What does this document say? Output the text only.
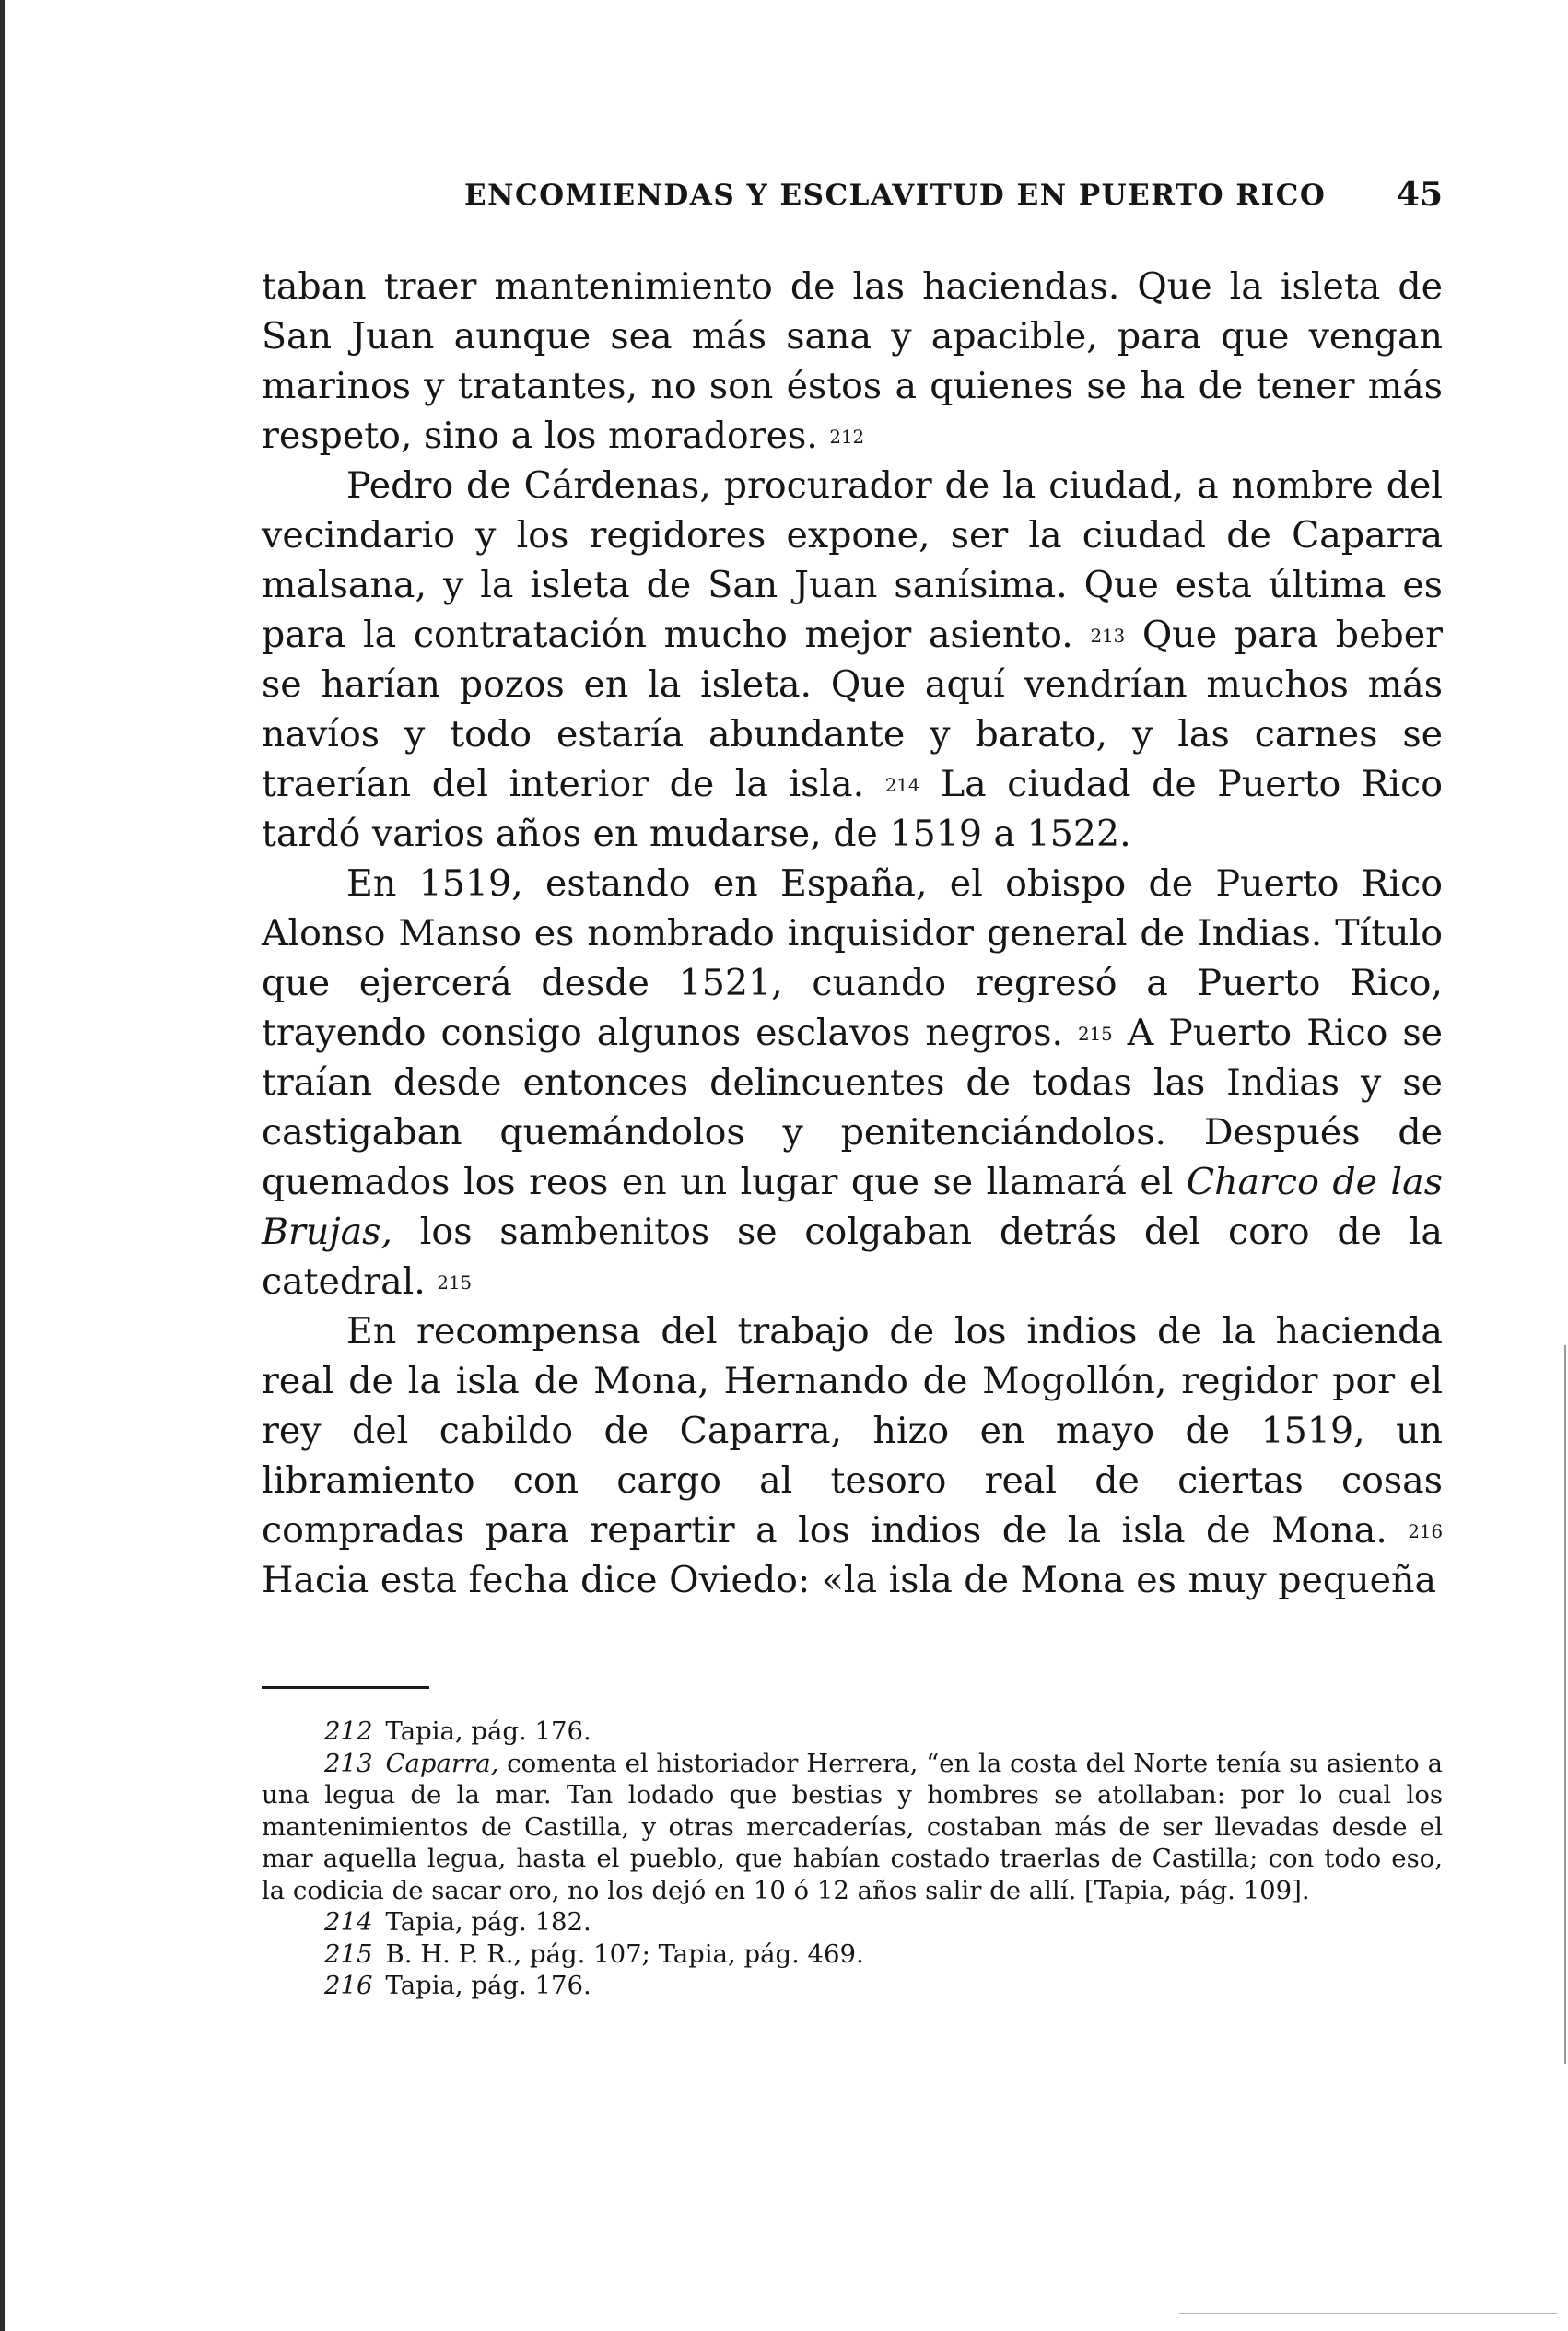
ENCOMIENDAS Y ESCLAVITUD EN PUERTO RICO 45

taban traer mantenimiento de las haciendas. Que la isleta de San Juan aunque sea más sana y apacible, para que vengan marinos y tratantes, no son éstos a quienes se ha de tener más respeto, sino a los moradores. $^{212}$

Pedro de Cárdenas, procurador de la ciudad, a nombre del vecindario y los regidores expone, ser la ciudad de Caparra malsana, y la isleta de San Juan sanísima. Que esta última es para la contratación mucho mejor asiento. $^{213}$ Que para beber se harían pozos en la isleta. Que aquí vendrían muchos más navíos y todo estaría abundante y barato, y las carnes se traerían del interior de la isla. $^{214}$ La ciudad de Puerto Rico tardó varios años en mudarse, de 1519 a 1522.

En 1519, estando en España, el obispo de Puerto Rico Alonso Manso es nombrado inquisidor general de Indias. Título que ejercerá desde 1521, cuando regresó a Puerto Rico, trayendo consigo algunos esclavos negros. $^{215}$ A Puerto Rico se traían desde entonces delincuentes de todas las Indias y se castigaban quemándolos y penitenciándolos. Después de quemados los reos en un lugar que se llamará el Charco de las Brujas, los sambenitos se colgaban detrás del coro de la catedral. $^{215}$

En recompensa del trabajo de los indios de la hacienda real de la isla de Mona, Hernando de Mogollón, regidor por el rey del cabildo de Caparra, hizo en mayo de 1519, un libramiento con cargo al tesoro real de ciertas cosas compradas para repartir a los indios de la isla de Mona. $^{216}$ Hacia esta fecha dice Oviedo: «la isla de Mona es muy pequeña

212 Tapia, pág. 176.

213 Caparra, comenta el historiador Herrera, “en la costa del Norte tenía su asiento a una legua de la mar. Tan lodado que bestias y hombres se atollaban: por lo cual los mantenimientos de Castilla, y otras mercaderías, costaban más de ser llevadas desde el mar aquella legua, hasta el pueblo, que habían costado traerlas de Castilla; con todo eso, la codicia de sacar oro, no los dejó en 10 ó 12 años salir de allí. [Tapia, pág. 109].

214 Tapia, pág. 182.

215 B. H. P. R., pág. 107; Tapia, pág. 469.

216 Tapia, pág. 176.
